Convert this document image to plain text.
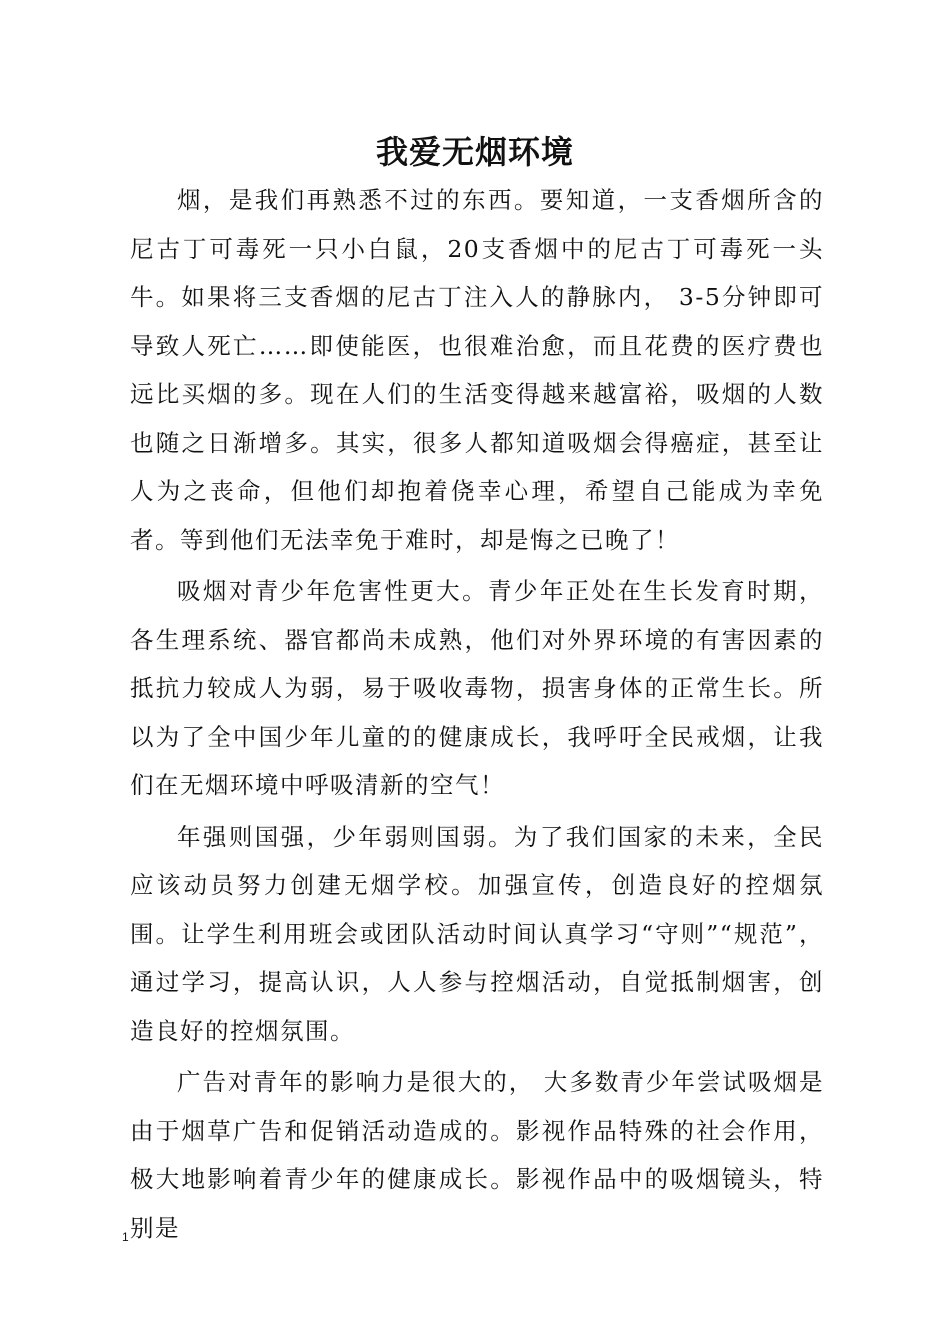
我爱无烟环境

烟，是我们再熟悉不过的东西。要知道，一支香烟所含的尼古丁可毒死一只小白鼠，20支香烟中的尼古丁可毒死一头牛。如果将三支香烟的尼古丁注入人的静脉内， 3-5分钟即可导致人死亡……即使能医，也很难治愈，而且花费的医疗费也远比买烟的多。现在人们的生活变得越来越富裕，吸烟的人数也随之日渐增多。其实，很多人都知道吸烟会得癌症，甚至让人为之丧命，但他们却抱着侥幸心理，希望自己能成为幸免者。等到他们无法幸免于难时，却是悔之已晚了！

吸烟对青少年危害性更大。青少年正处在生长发育时期，各生理系统、器官都尚未成熟，他们对外界环境的有害因素的抵抗力较成人为弱，易于吸收毒物，损害身体的正常生长。所以为了全中国少年儿童的的健康成长，我呼吁全民戒烟，让我们在无烟环境中呼吸清新的空气！

年强则国强，少年弱则国弱。为了我们国家的未来，全民应该动员努力创建无烟学校。加强宣传，创造良好的控烟氛围。让学生利用班会或团队活动时间认真学习“守则”“规范”，通过学习，提高认识，人人参与控烟活动，自觉抵制烟害，创造良好的控烟氛围。

广告对青年的影响力是很大的， 大多数青少年尝试吸烟是由于烟草广告和促销活动造成的。影视作品特殊的社会作用，极大地影响着青少年的健康成长。影视作品中的吸烟镜头，特别是

1
